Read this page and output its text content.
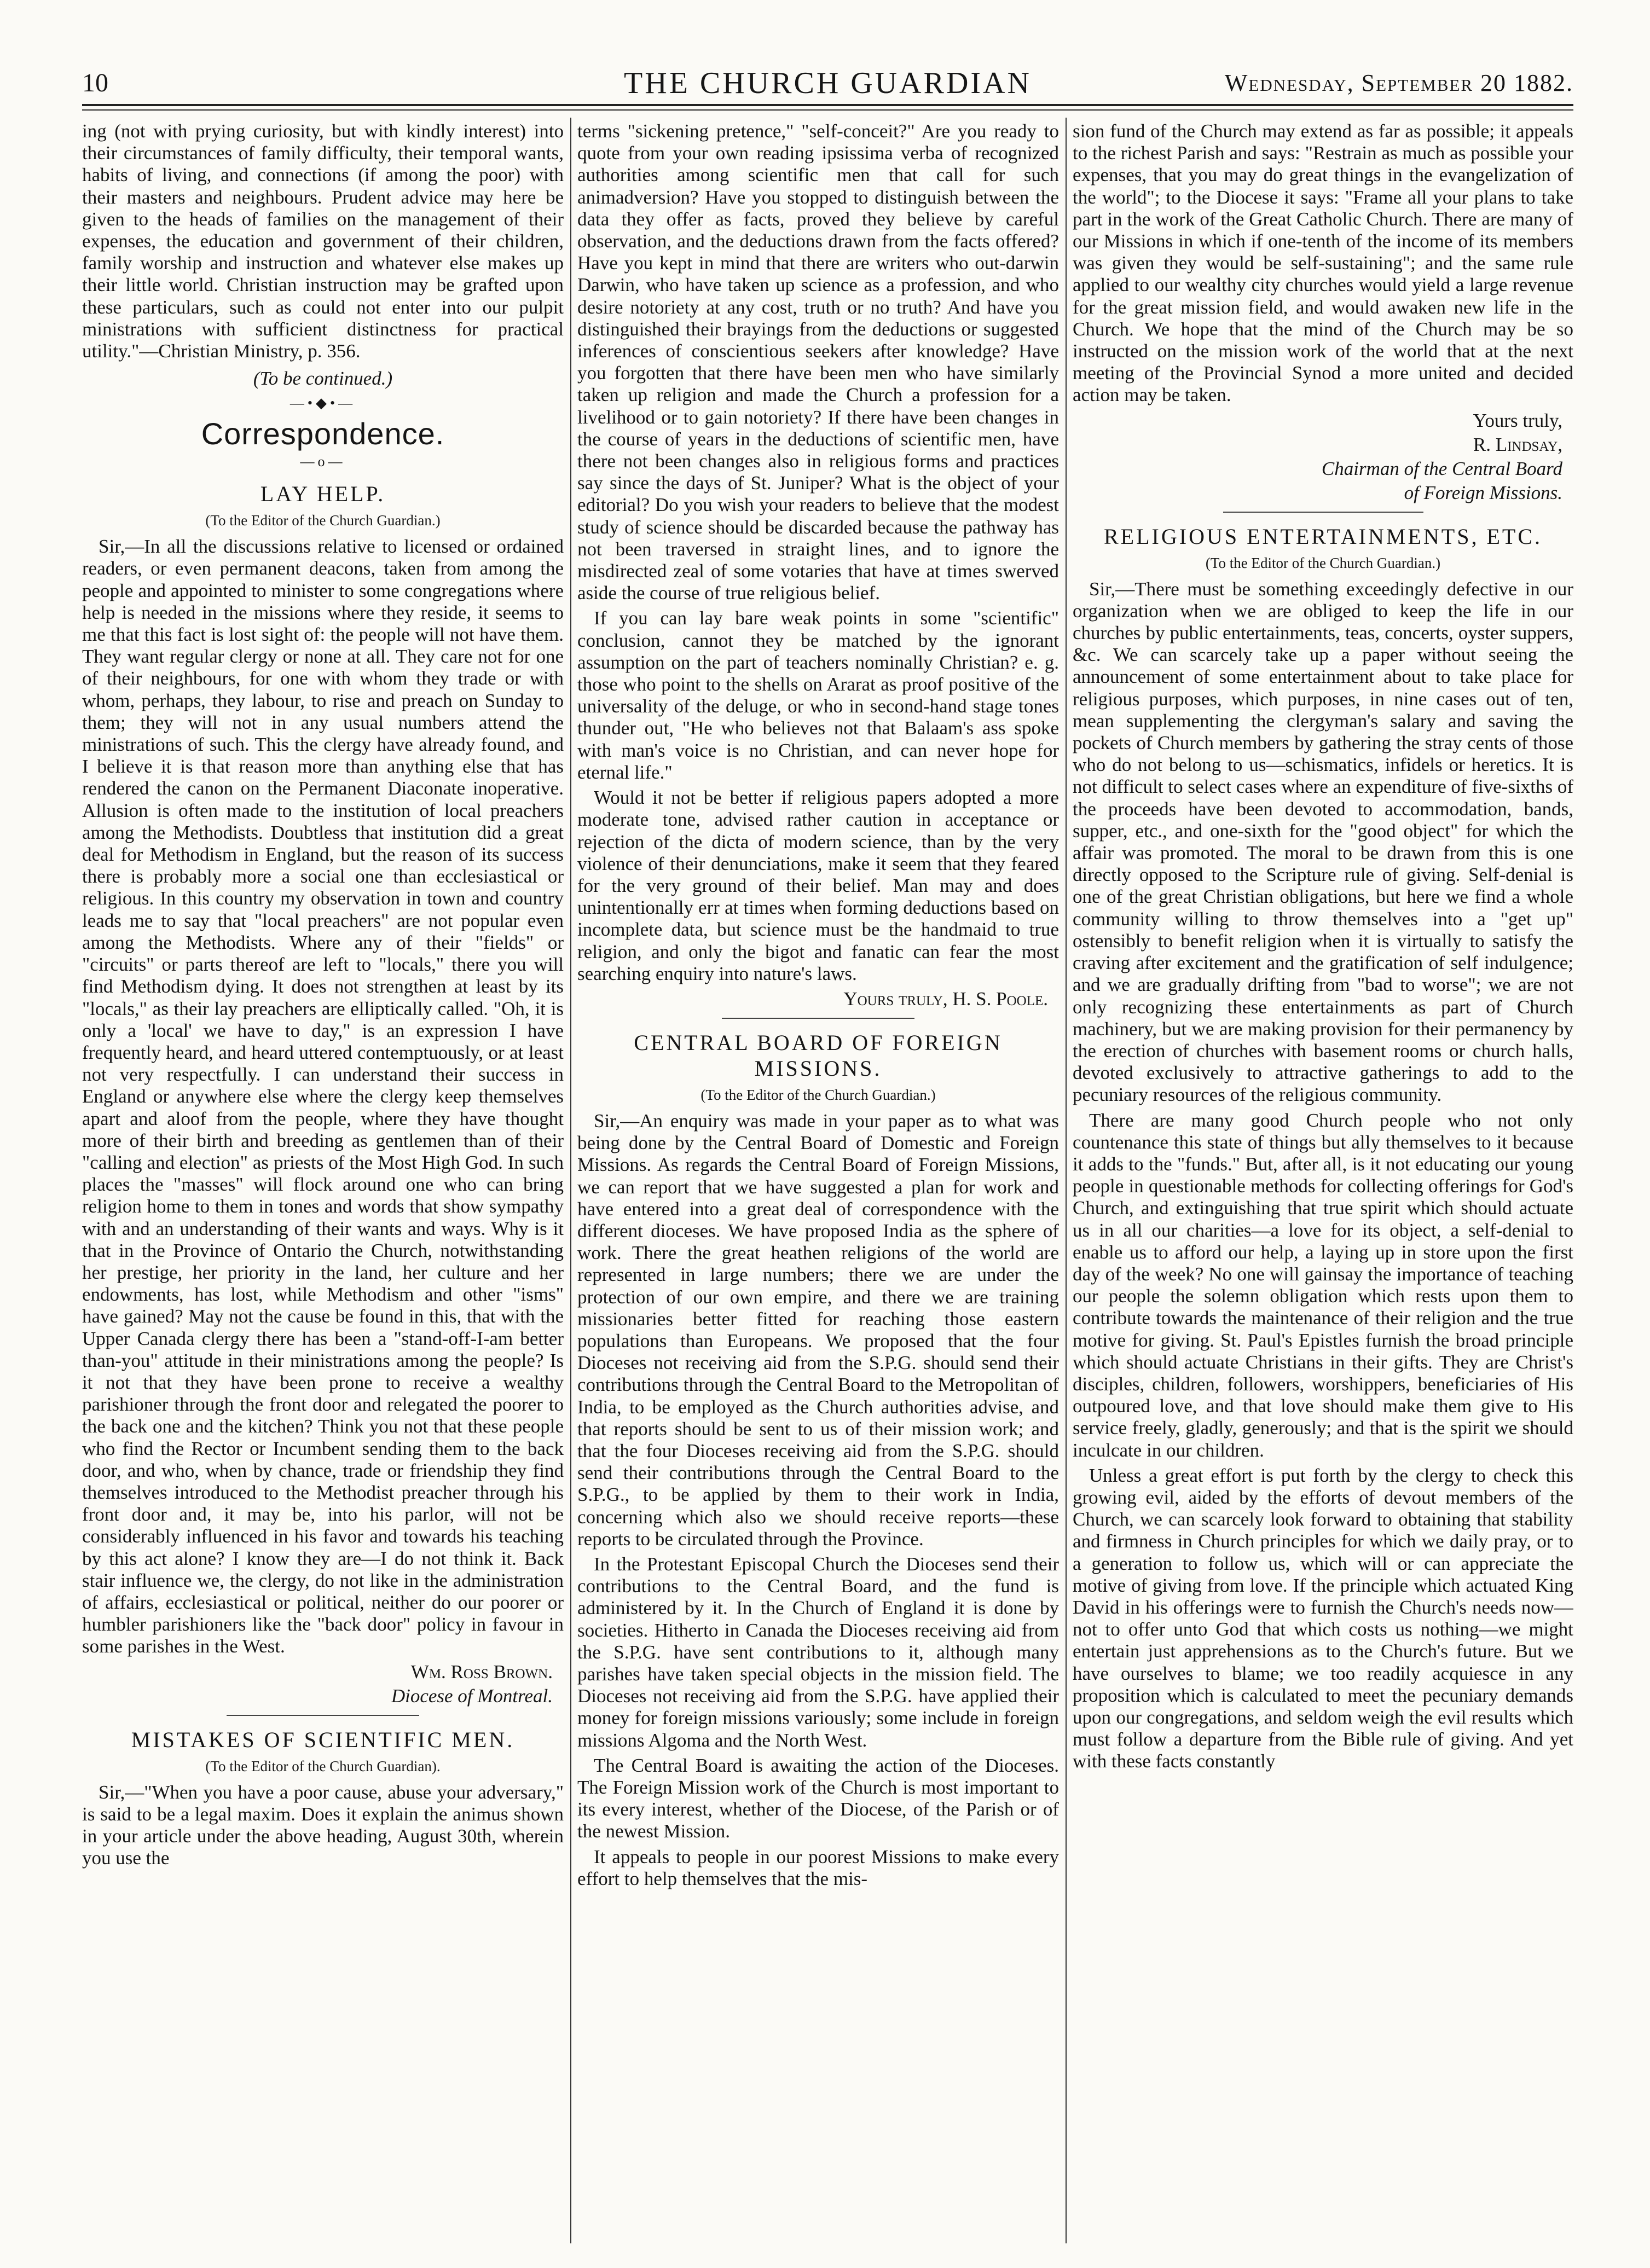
10	THE CHURCH GUARDIAN	Wednesday, September 20 1882.

ing (not with prying curiosity, but with kindly interest) into their circumstances of family difficulty, their temporal wants, habits of living, and connections (if among the poor) with their masters and neighbours. Prudent advice may here be given to the heads of families on the management of their expenses, the education and government of their children, family worship and instruction and whatever else makes up their little world. Christian instruction may be grafted upon these particulars, such as could not enter into our pulpit ministrations with sufficient distinctness for practical utility."—Christian Ministry, p. 356.

(To be continued.)
—•◆•—
Correspondence.
—o—
LAY HELP.
(To the Editor of the Church Guardian.)

Sir,—In all the discussions relative to licensed or ordained readers, or even permanent deacons, taken from among the people and appointed to minister to some congregations where help is needed in the missions where they reside, it seems to me that this fact is lost sight of: the people will not have them. They want regular clergy or none at all. They care not for one of their neighbours, for one with whom they trade or with whom, perhaps, they labour, to rise and preach on Sunday to them; they will not in any usual numbers attend the ministrations of such. This the clergy have already found, and I believe it is that reason more than anything else that has rendered the canon on the Permanent Diaconate inoperative. Allusion is often made to the institution of local preachers among the Methodists. Doubtless that institution did a great deal for Methodism in England, but the reason of its success there is probably more a social one than ecclesiastical or religious. In this country my observation in town and country leads me to say that "local preachers" are not popular even among the Methodists. Where any of their "fields" or "circuits" or parts thereof are left to "locals," there you will find Methodism dying. It does not strengthen at least by its "locals," as their lay preachers are elliptically called. "Oh, it is only a 'local' we have to day," is an expression I have frequently heard, and heard uttered contemptuously, or at least not very respectfully. I can understand their success in England or anywhere else where the clergy keep themselves apart and aloof from the people, where they have thought more of their birth and breeding as gentlemen than of their "calling and election" as priests of the Most High God. In such places the "masses" will flock around one who can bring religion home to them in tones and words that show sympathy with and an understanding of their wants and ways. Why is it that in the Province of Ontario the Church, notwithstanding her prestige, her priority in the land, her culture and her endowments, has lost, while Methodism and other "isms" have gained? May not the cause be found in this, that with the Upper Canada clergy there has been a "stand-off-I-am better than-you" attitude in their ministrations among the people? Is it not that they have been prone to receive a wealthy parishioner through the front door and relegated the poorer to the back one and the kitchen? Think you not that these people who find the Rector or Incumbent sending them to the back door, and who, when by chance, trade or friendship they find themselves introduced to the Methodist preacher through his front door and, it may be, into his parlor, will not be considerably influenced in his favor and towards his teaching by this act alone? I know they are—I do not think it. Back stair influence we, the clergy, do not like in the administration of affairs, ecclesiastical or political, neither do our poorer or humbler parishioners like the "back door" policy in favour in some parishes in the West.

Wm. Ross Brown.
Diocese of Montreal.
MISTAKES OF SCIENTIFIC MEN.
(To the Editor of the Church Guardian).

Sir,—"When you have a poor cause, abuse your adversary," is said to be a legal maxim. Does it explain the animus shown in your article under the above heading, August 30th, wherein you use the

terms "sickening pretence," "self-conceit?" Are you ready to quote from your own reading ipsissima verba of recognized authorities among scientific men that call for such animadversion? Have you stopped to distinguish between the data they offer as facts, proved they believe by careful observation, and the deductions drawn from the facts offered? Have you kept in mind that there are writers who out-darwin Darwin, who have taken up science as a profession, and who desire notoriety at any cost, truth or no truth? And have you distinguished their brayings from the deductions or suggested inferences of conscientious seekers after knowledge? Have you forgotten that there have been men who have similarly taken up religion and made the Church a profession for a livelihood or to gain notoriety? If there have been changes in the course of years in the deductions of scientific men, have there not been changes also in religious forms and practices say since the days of St. Juniper? What is the object of your editorial? Do you wish your readers to believe that the modest study of science should be discarded because the pathway has not been traversed in straight lines, and to ignore the misdirected zeal of some votaries that have at times swerved aside the course of true religious belief.

If you can lay bare weak points in some "scientific" conclusion, cannot they be matched by the ignorant assumption on the part of teachers nominally Christian? e. g. those who point to the shells on Ararat as proof positive of the universality of the deluge, or who in second-hand stage tones thunder out, "He who believes not that Balaam's ass spoke with man's voice is no Christian, and can never hope for eternal life."

Would it not be better if religious papers adopted a more moderate tone, advised rather caution in acceptance or rejection of the dicta of modern science, than by the very violence of their denunciations, make it seem that they feared for the very ground of their belief. Man may and does unintentionally err at times when forming deductions based on incomplete data, but science must be the handmaid to true religion, and only the bigot and fanatic can fear the most searching enquiry into nature's laws.

Yours truly, H. S. Poole.
CENTRAL BOARD OF FOREIGN MISSIONS.
(To the Editor of the Church Guardian.)

Sir,—An enquiry was made in your paper as to what was being done by the Central Board of Domestic and Foreign Missions. As regards the Central Board of Foreign Missions, we can report that we have suggested a plan for work and have entered into a great deal of correspondence with the different dioceses. We have proposed India as the sphere of work. There the great heathen religions of the world are represented in large numbers; there we are under the protection of our own empire, and there we are training missionaries better fitted for reaching those eastern populations than Europeans. We proposed that the four Dioceses not receiving aid from the S.P.G. should send their contributions through the Central Board to the Metropolitan of India, to be employed as the Church authorities advise, and that reports should be sent to us of their mission work; and that the four Dioceses receiving aid from the S.P.G. should send their contributions through the Central Board to the S.P.G., to be applied by them to their work in India, concerning which also we should receive reports—these reports to be circulated through the Province.

In the Protestant Episcopal Church the Dioceses send their contributions to the Central Board, and the fund is administered by it. In the Church of England it is done by societies. Hitherto in Canada the Dioceses receiving aid from the S.P.G. have sent contributions to it, although many parishes have taken special objects in the mission field. The Dioceses not receiving aid from the S.P.G. have applied their money for foreign missions variously; some include in foreign missions Algoma and the North West.

The Central Board is awaiting the action of the Dioceses. The Foreign Mission work of the Church is most important to its every interest, whether of the Diocese, of the Parish or of the newest Mission.

It appeals to people in our poorest Missions to make every effort to help themselves that the mis-

sion fund of the Church may extend as far as possible; it appeals to the richest Parish and says: "Restrain as much as possible your expenses, that you may do great things in the evangelization of the world"; to the Diocese it says: "Frame all your plans to take part in the work of the Great Catholic Church. There are many of our Missions in which if one-tenth of the income of its members was given they would be self-sustaining"; and the same rule applied to our wealthy city churches would yield a large revenue for the great mission field, and would awaken new life in the Church. We hope that the mind of the Church may be so instructed on the mission work of the world that at the next meeting of the Provincial Synod a more united and decided action may be taken.

Yours truly,
R. Lindsay,
Chairman of the Central Board
of Foreign Missions.
RELIGIOUS ENTERTAINMENTS, ETC.
(To the Editor of the Church Guardian.)

Sir,—There must be something exceedingly defective in our organization when we are obliged to keep the life in our churches by public entertainments, teas, concerts, oyster suppers, &c. We can scarcely take up a paper without seeing the announcement of some entertainment about to take place for religious purposes, which purposes, in nine cases out of ten, mean supplementing the clergyman's salary and saving the pockets of Church members by gathering the stray cents of those who do not belong to us—schismatics, infidels or heretics. It is not difficult to select cases where an expenditure of five-sixths of the proceeds have been devoted to accommodation, bands, supper, etc., and one-sixth for the "good object" for which the affair was promoted. The moral to be drawn from this is one directly opposed to the Scripture rule of giving. Self-denial is one of the great Christian obligations, but here we find a whole community willing to throw themselves into a "get up" ostensibly to benefit religion when it is virtually to satisfy the craving after excitement and the gratification of self indulgence; and we are gradually drifting from "bad to worse"; we are not only recognizing these entertainments as part of Church machinery, but we are making provision for their permanency by the erection of churches with basement rooms or church halls, devoted exclusively to attractive gatherings to add to the pecuniary resources of the religious community.

There are many good Church people who not only countenance this state of things but ally themselves to it because it adds to the "funds." But, after all, is it not educating our young people in questionable methods for collecting offerings for God's Church, and extinguishing that true spirit which should actuate us in all our charities—a love for its object, a self-denial to enable us to afford our help, a laying up in store upon the first day of the week? No one will gainsay the importance of teaching our people the solemn obligation which rests upon them to contribute towards the maintenance of their religion and the true motive for giving. St. Paul's Epistles furnish the broad principle which should actuate Christians in their gifts. They are Christ's disciples, children, followers, worshippers, beneficiaries of His outpoured love, and that love should make them give to His service freely, gladly, generously; and that is the spirit we should inculcate in our children.

Unless a great effort is put forth by the clergy to check this growing evil, aided by the efforts of devout members of the Church, we can scarcely look forward to obtaining that stability and firmness in Church principles for which we daily pray, or to a generation to follow us, which will or can appreciate the motive of giving from love. If the principle which actuated King David in his offerings were to furnish the Church's needs now—not to offer unto God that which costs us nothing—we might entertain just apprehensions as to the Church's future. But we have ourselves to blame; we too readily acquiesce in any proposition which is calculated to meet the pecuniary demands upon our congregations, and seldom weigh the evil results which must follow a departure from the Bible rule of giving. And yet with these facts constantly
